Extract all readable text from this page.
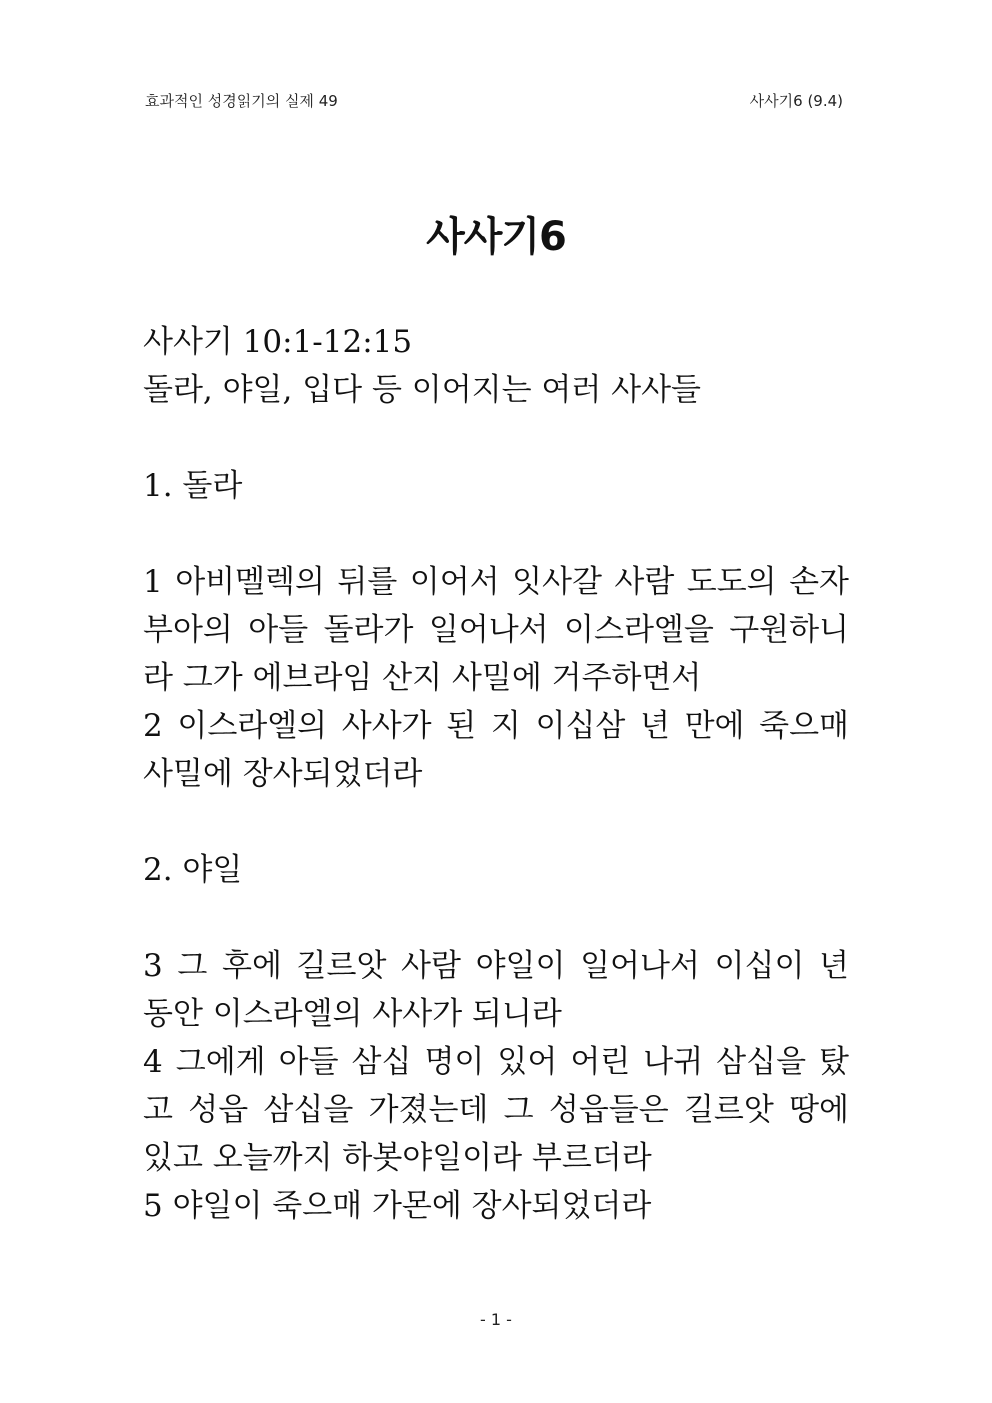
효과적인 성경읽기의 실제 49	사사기6 (9.4)
사사기6

사사기 10:1-12:15

돌라, 야일, 입다 등 이어지는 여러 사사들

1. 돌라

1 아비멜렉의 뒤를 이어서 잇사갈 사람 도도의 손자 부아의 아들 돌라가 일어나서 이스라엘을 구원하니라 그가 에브라임 산지 사밀에 거주하면서

2 이스라엘의 사사가 된 지 이십삼 년 만에 죽으매 사밀에 장사되었더라

2. 야일

3 그 후에 길르앗 사람 야일이 일어나서 이십이 년 동안 이스라엘의 사사가 되니라

4 그에게 아들 삼십 명이 있어 어린 나귀 삼십을 탔고 성읍 삼십을 가졌는데 그 성읍들은 길르앗 땅에 있고 오늘까지 하봇야일이라 부르더라

5 야일이 죽으매 가몬에 장사되었더라

- 1 -
